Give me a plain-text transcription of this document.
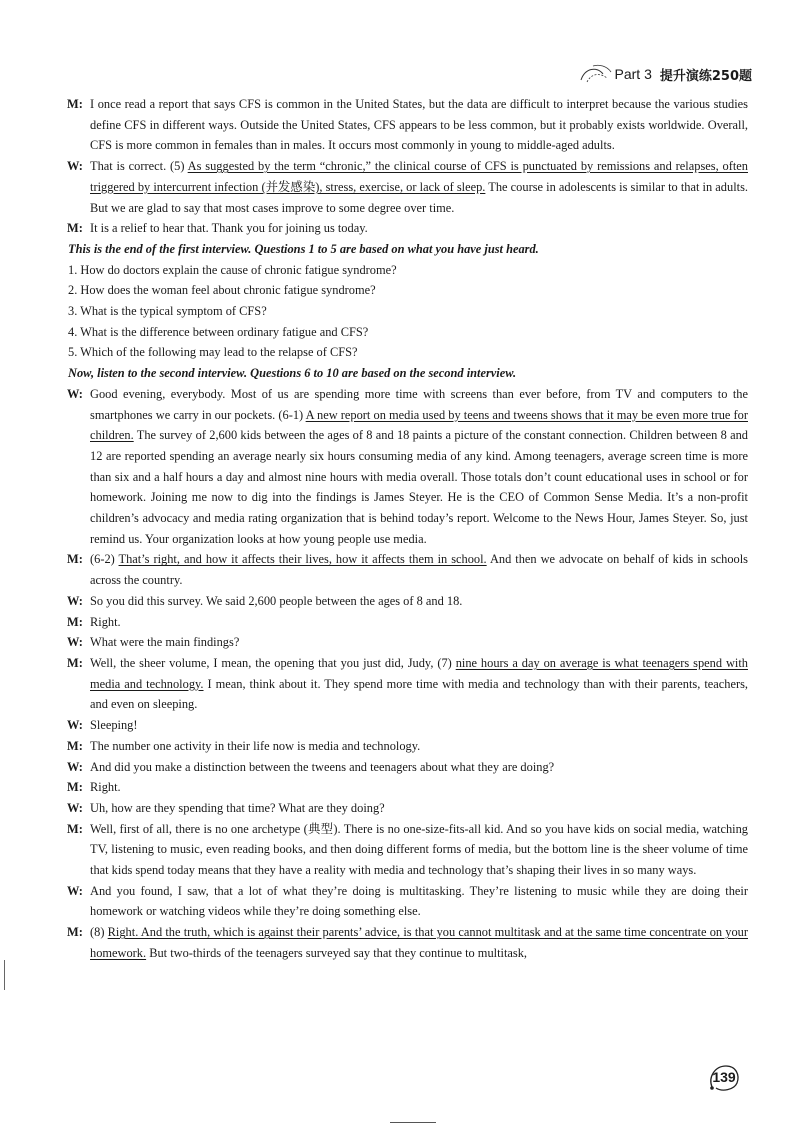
Part 3 提升演练250题
M: I once read a report that says CFS is common in the United States, but the data are difficult to interpret because the various studies define CFS in different ways. Outside the United States, CFS appears to be less common, but it probably exists worldwide. Overall, CFS is more common in females than in males. It occurs most commonly in young to middle-aged adults.
W: That is correct. (5) As suggested by the term “chronic,” the clinical course of CFS is punctuated by remissions and relapses, often triggered by intercurrent infection (并发感染), stress, exercise, or lack of sleep. The course in adolescents is similar to that in adults. But we are glad to say that most cases improve to some degree over time.
M: It is a relief to hear that. Thank you for joining us today.
This is the end of the first interview. Questions 1 to 5 are based on what you have just heard.
1. How do doctors explain the cause of chronic fatigue syndrome?
2. How does the woman feel about chronic fatigue syndrome?
3. What is the typical symptom of CFS?
4. What is the difference between ordinary fatigue and CFS?
5. Which of the following may lead to the relapse of CFS?
Now, listen to the second interview. Questions 6 to 10 are based on the second interview.
W: Good evening, everybody. Most of us are spending more time with screens than ever before, from TV and computers to the smartphones we carry in our pockets. (6-1) A new report on media used by teens and tweens shows that it may be even more true for children. The survey of 2,600 kids between the ages of 8 and 18 paints a picture of the constant connection. Children between 8 and 12 are reported spending an average nearly six hours consuming media of any kind. Among teenagers, average screen time is more than six and a half hours a day and almost nine hours with media overall. Those totals don’t count educational uses in school or for homework. Joining me now to dig into the findings is James Steyer. He is the CEO of Common Sense Media. It’s a non-profit children’s advocacy and media rating organization that is behind today’s report. Welcome to the News Hour, James Steyer. So, just remind us. Your organization looks at how young people use media.
M: (6-2) That’s right, and how it affects their lives, how it affects them in school. And then we advocate on behalf of kids in schools across the country.
W: So you did this survey. We said 2,600 people between the ages of 8 and 18.
M: Right.
W: What were the main findings?
M: Well, the sheer volume, I mean, the opening that you just did, Judy, (7) nine hours a day on average is what teenagers spend with media and technology. I mean, think about it. They spend more time with media and technology than with their parents, teachers, and even on sleeping.
W: Sleeping!
M: The number one activity in their life now is media and technology.
W: And did you make a distinction between the tweens and teenagers about what they are doing?
M: Right.
W: Uh, how are they spending that time? What are they doing?
M: Well, first of all, there is no one archetype (典型). There is no one-size-fits-all kid. And so you have kids on social media, watching TV, listening to music, even reading books, and then doing different forms of media, but the bottom line is the sheer volume of time that kids spend today means that they have a reality with media and technology that’s shaping their lives in so many ways.
W: And you found, I saw, that a lot of what they’re doing is multitasking. They’re listening to music while they are doing their homework or watching videos while they’re doing something else.
M: (8) Right. And the truth, which is against their parents’ advice, is that you cannot multitask and at the same time concentrate on your homework. But two-thirds of the teenagers surveyed say that they continue to multitask,
139
